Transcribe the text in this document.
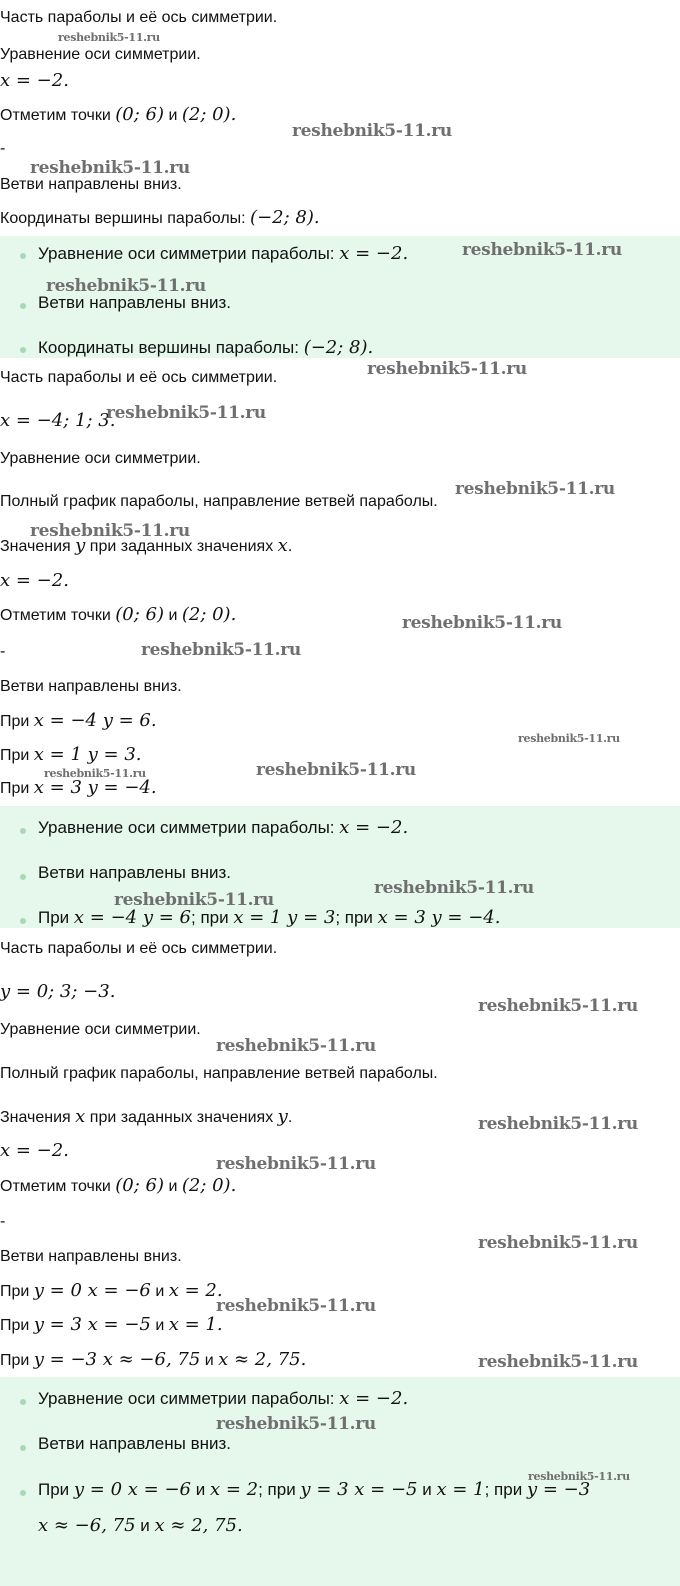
Часть параболы и её ось симметрии.
Уравнение оси симметрии.
x = −2.
Отметим точки (0; 6) и (2; 0).
-
Ветви направлены вниз.
Координаты вершины параболы: (−2; 8).
Уравнение оси симметрии параболы: x = −2.
Ветви направлены вниз.
Координаты вершины параболы: (−2; 8).
Часть параболы и её ось симметрии.
x = −4; 1; 3.
Уравнение оси симметрии.
Полный график параболы, направление ветвей параболы.
Значения y при заданных значениях x.
x = −2.
Отметим точки (0; 6) и (2; 0).
-
Ветви направлены вниз.
При x = −4 y = 6.
При x = 1 y = 3.
При x = 3 y = −4.
Уравнение оси симметрии параболы: x = −2.
Ветви направлены вниз.
При x = −4 y = 6; при x = 1 y = 3; при x = 3 y = −4.
Часть параболы и её ось симметрии.
y = 0; 3; −3.
Уравнение оси симметрии.
Полный график параболы, направление ветвей параболы.
Значения x при заданных значениях y.
x = −2.
Отметим точки (0; 6) и (2; 0).
-
Ветви направлены вниз.
При y = 0 x = −6 и x = 2.
При y = 3 x = −5 и x = 1.
При y = −3 x ≈ −6, 75 и x ≈ 2, 75.
Уравнение оси симметрии параболы: x = −2.
Ветви направлены вниз.
При y = 0 x = −6 и x = 2; при y = 3 x = −5 и x = 1; при y = −3
x ≈ −6, 75 и x ≈ 2, 75.
reshebnik5-11.ru
reshebnik5-11.ru
reshebnik5-11.ru
reshebnik5-11.ru
reshebnik5-11.ru
reshebnik5-11.ru
reshebnik5-11.ru
reshebnik5-11.ru
reshebnik5-11.ru
reshebnik5-11.ru
reshebnik5-11.ru
reshebnik5-11.ru
reshebnik5-11.ru	reshebnik5-11.ru
reshebnik5-11.ru
reshebnik5-11.ru
reshebnik5-11.ru
reshebnik5-11.ru
reshebnik5-11.ru
reshebnik5-11.ru
reshebnik5-11.ru
reshebnik5-11.ru
reshebnik5-11.ru
reshebnik5-11.ru
reshebnik5-11.ru
